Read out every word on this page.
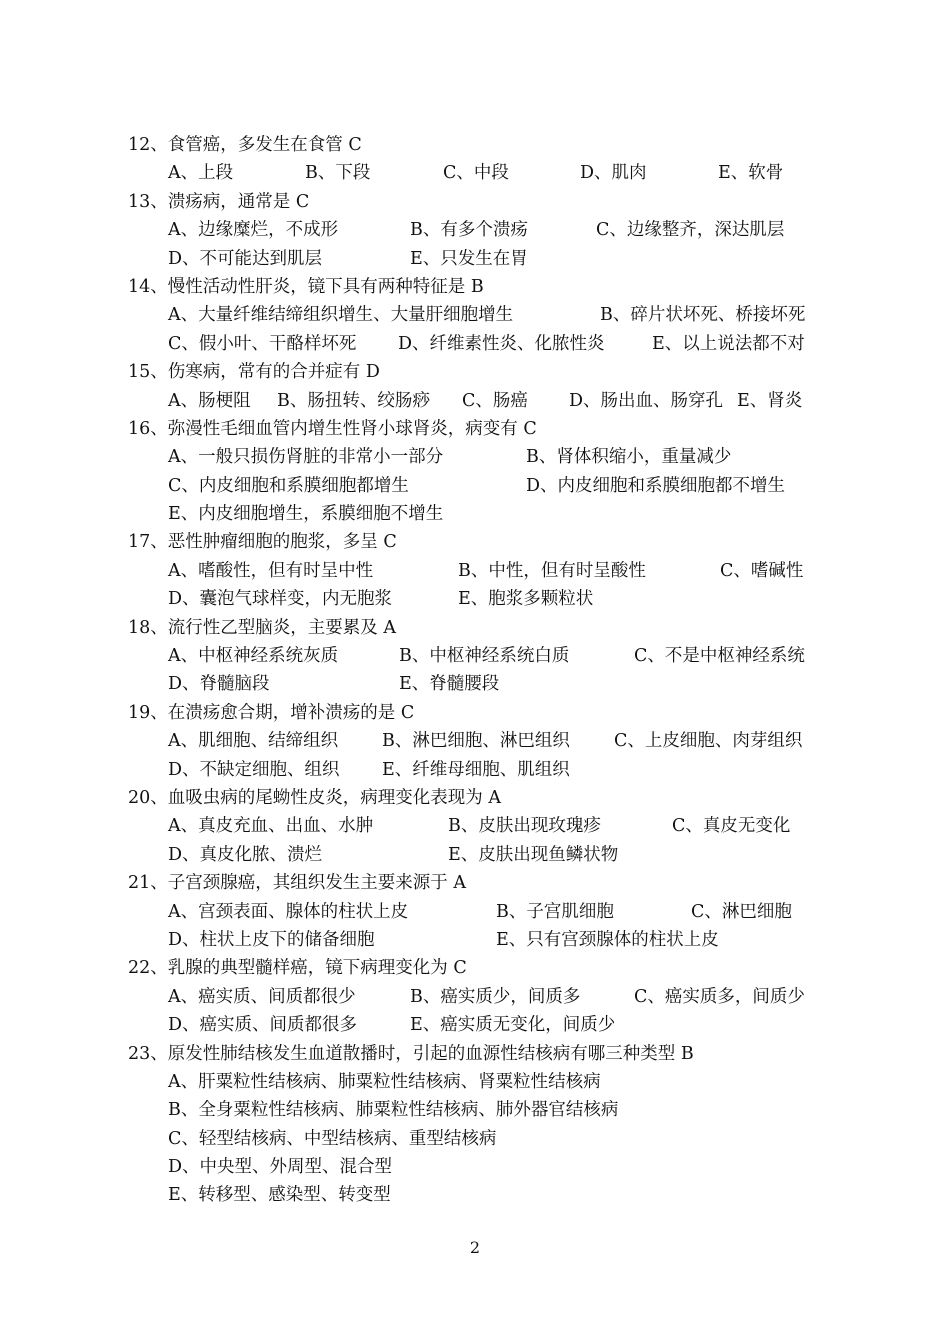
12、食管癌，多发生在食管 C
A、上段	B、下段	C、中段	D、肌肉	E、软骨
13、溃疡病，通常是 C
A、边缘糜烂，不成形	B、有多个溃疡	C、边缘整齐，深达肌层
D、不可能达到肌层	E、只发生在胃
14、慢性活动性肝炎，镜下具有两种特征是 B
A、大量纤维结缔组织增生、大量肝细胞增生	B、碎片状坏死、桥接坏死
C、假小叶、干酪样坏死 D、纤维素性炎、化脓性炎	E、以上说法都不对
15、伤寒病，常有的合并症有 D
A、肠梗阻 B、肠扭转、绞肠痧 C、肠癌 D、肠出血、肠穿孔 E、肾炎
16、弥漫性毛细血管内增生性肾小球肾炎，病变有 C
A、一般只损伤肾脏的非常小一部分	B、肾体积缩小，重量减少
C、内皮细胞和系膜细胞都增生	D、内皮细胞和系膜细胞都不增生
E、内皮细胞增生，系膜细胞不增生
17、恶性肿瘤细胞的胞浆，多呈 C
A、嗜酸性，但有时呈中性	B、中性，但有时呈酸性	C、嗜碱性
D、囊泡气球样变，内无胞浆	E、胞浆多颗粒状
18、流行性乙型脑炎，主要累及 A
A、中枢神经系统灰质	B、中枢神经系统白质	C、不是中枢神经系统
D、脊髓脑段	E、脊髓腰段
19、在溃疡愈合期，增补溃疡的是 C
A、肌细胞、结缔组织	B、淋巴细胞、淋巴组织	C、上皮细胞、肉芽组织
D、不缺定细胞、组织 E、纤维母细胞、肌组织
20、血吸虫病的尾蚴性皮炎，病理变化表现为 A
A、真皮充血、出血、水肿	B、皮肤出现玫瑰疹	C、真皮无变化
D、真皮化脓、溃烂	E、皮肤出现鱼鳞状物
21、子宫颈腺癌，其组织发生主要来源于 A
A、宫颈表面、腺体的柱状上皮	B、子宫肌细胞	C、淋巴细胞
D、柱状上皮下的储备细胞	E、只有宫颈腺体的柱状上皮
22、乳腺的典型髓样癌，镜下病理变化为 C
A、癌实质、间质都很少	B、癌实质少，间质多	C、癌实质多，间质少
D、癌实质、间质都很多	E、癌实质无变化，间质少
23、原发性肺结核发生血道散播时，引起的血源性结核病有哪三种类型 B
A、肝粟粒性结核病、肺粟粒性结核病、肾粟粒性结核病
B、全身粟粒性结核病、肺粟粒性结核病、肺外器官结核病
C、轻型结核病、中型结核病、重型结核病
D、中央型、外周型、混合型
E、转移型、感染型、转变型
2
